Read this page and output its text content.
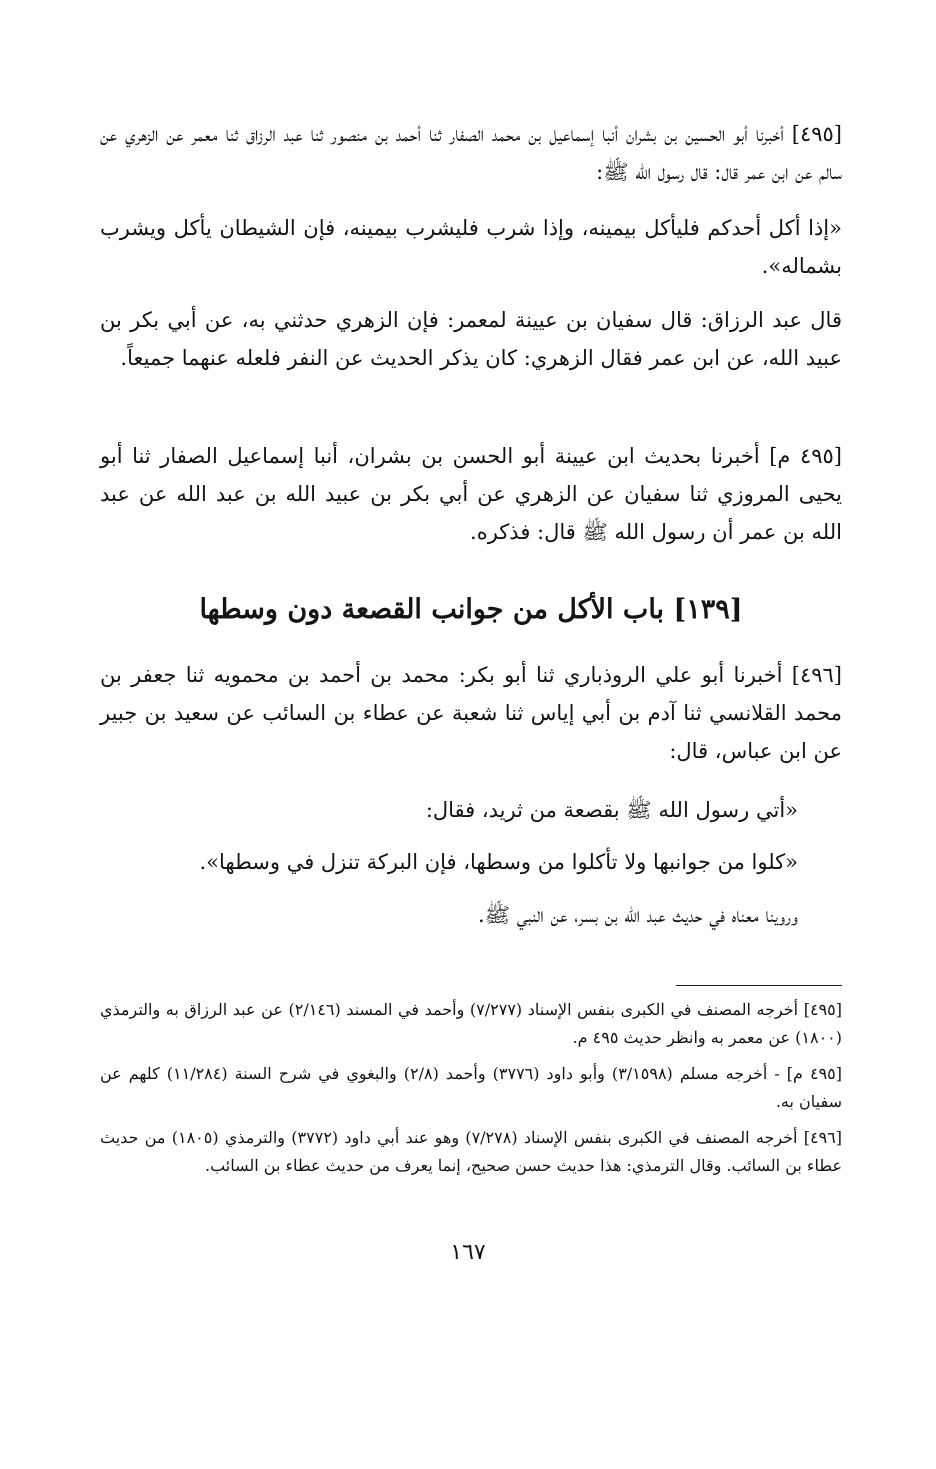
[٤٩٥] أخبرنا أبو الحسين بن بشران أنبا إسماعيل بن محمد الصفار ثنا أحمد بن منصور ثنا عبد الرزاق ثنا معمر عن الزهري عن سالم عن ابن عمر قال: قال رسول الله ﷺ:
«إذا أكل أحدكم فليأكل بيمينه، وإذا شرب فليشرب بيمينه، فإن الشيطان يأكل ويشرب بشماله».
قال عبد الرزاق: قال سفيان بن عيينة لمعمر: فإن الزهري حدثني به، عن أبي بكر بن عبيد الله، عن ابن عمر فقال الزهري: كان يذكر الحديث عن النفر فلعله عنهما جميعاً.
[٤٩٥ م] أخبرنا بحديث ابن عيينة أبو الحسن بن بشران، أنبا إسماعيل الصفار ثنا أبو يحيى المروزي ثنا سفيان عن الزهري عن أبي بكر بن عبيد الله بن عبد الله عن عبد الله بن عمر أن رسول الله ﷺ قال: فذكره.
[١٣٩] باب الأكل من جوانب القصعة دون وسطها
[٤٩٦] أخبرنا أبو علي الروذباري ثنا أبو بكر: محمد بن أحمد بن محمويه ثنا جعفر بن محمد القلانسي ثنا آدم بن أبي إياس ثنا شعبة عن عطاء بن السائب عن سعيد بن جبير عن ابن عباس، قال:
«أتي رسول الله ﷺ بقصعة من ثريد، فقال:
«كلوا من جوانبها ولا تأكلوا من وسطها، فإن البركة تنزل في وسطها».
وروينا معناه في حديث عبد الله بن بسر، عن النبي ﷺ.
[٤٩٥] أخرجه المصنف في الكبرى بنفس الإسناد (٧/٢٧٧) وأحمد في المسند (٢/١٤٦) عن عبد الرزاق به والترمذي (١٨٠٠) عن معمر به وانظر حديث ٤٩٥ م.
[٤٩٥ م] - أخرجه مسلم (٣/١٥٩٨) وأبو داود (٣٧٧٦) وأحمد (٢/٨) والبغوي في شرح السنة (١١/٢٨٤) كلهم عن سفيان به.
[٤٩٦] أخرجه المصنف في الكبرى بنفس الإسناد (٧/٢٧٨) وهو عند أبي داود (٣٧٧٢) والترمذي (١٨٠٥) من حديث عطاء بن السائب. وقال الترمذي: هذا حديث حسن صحيح، إنما يعرف من حديث عطاء بن السائب.
١٦٧
